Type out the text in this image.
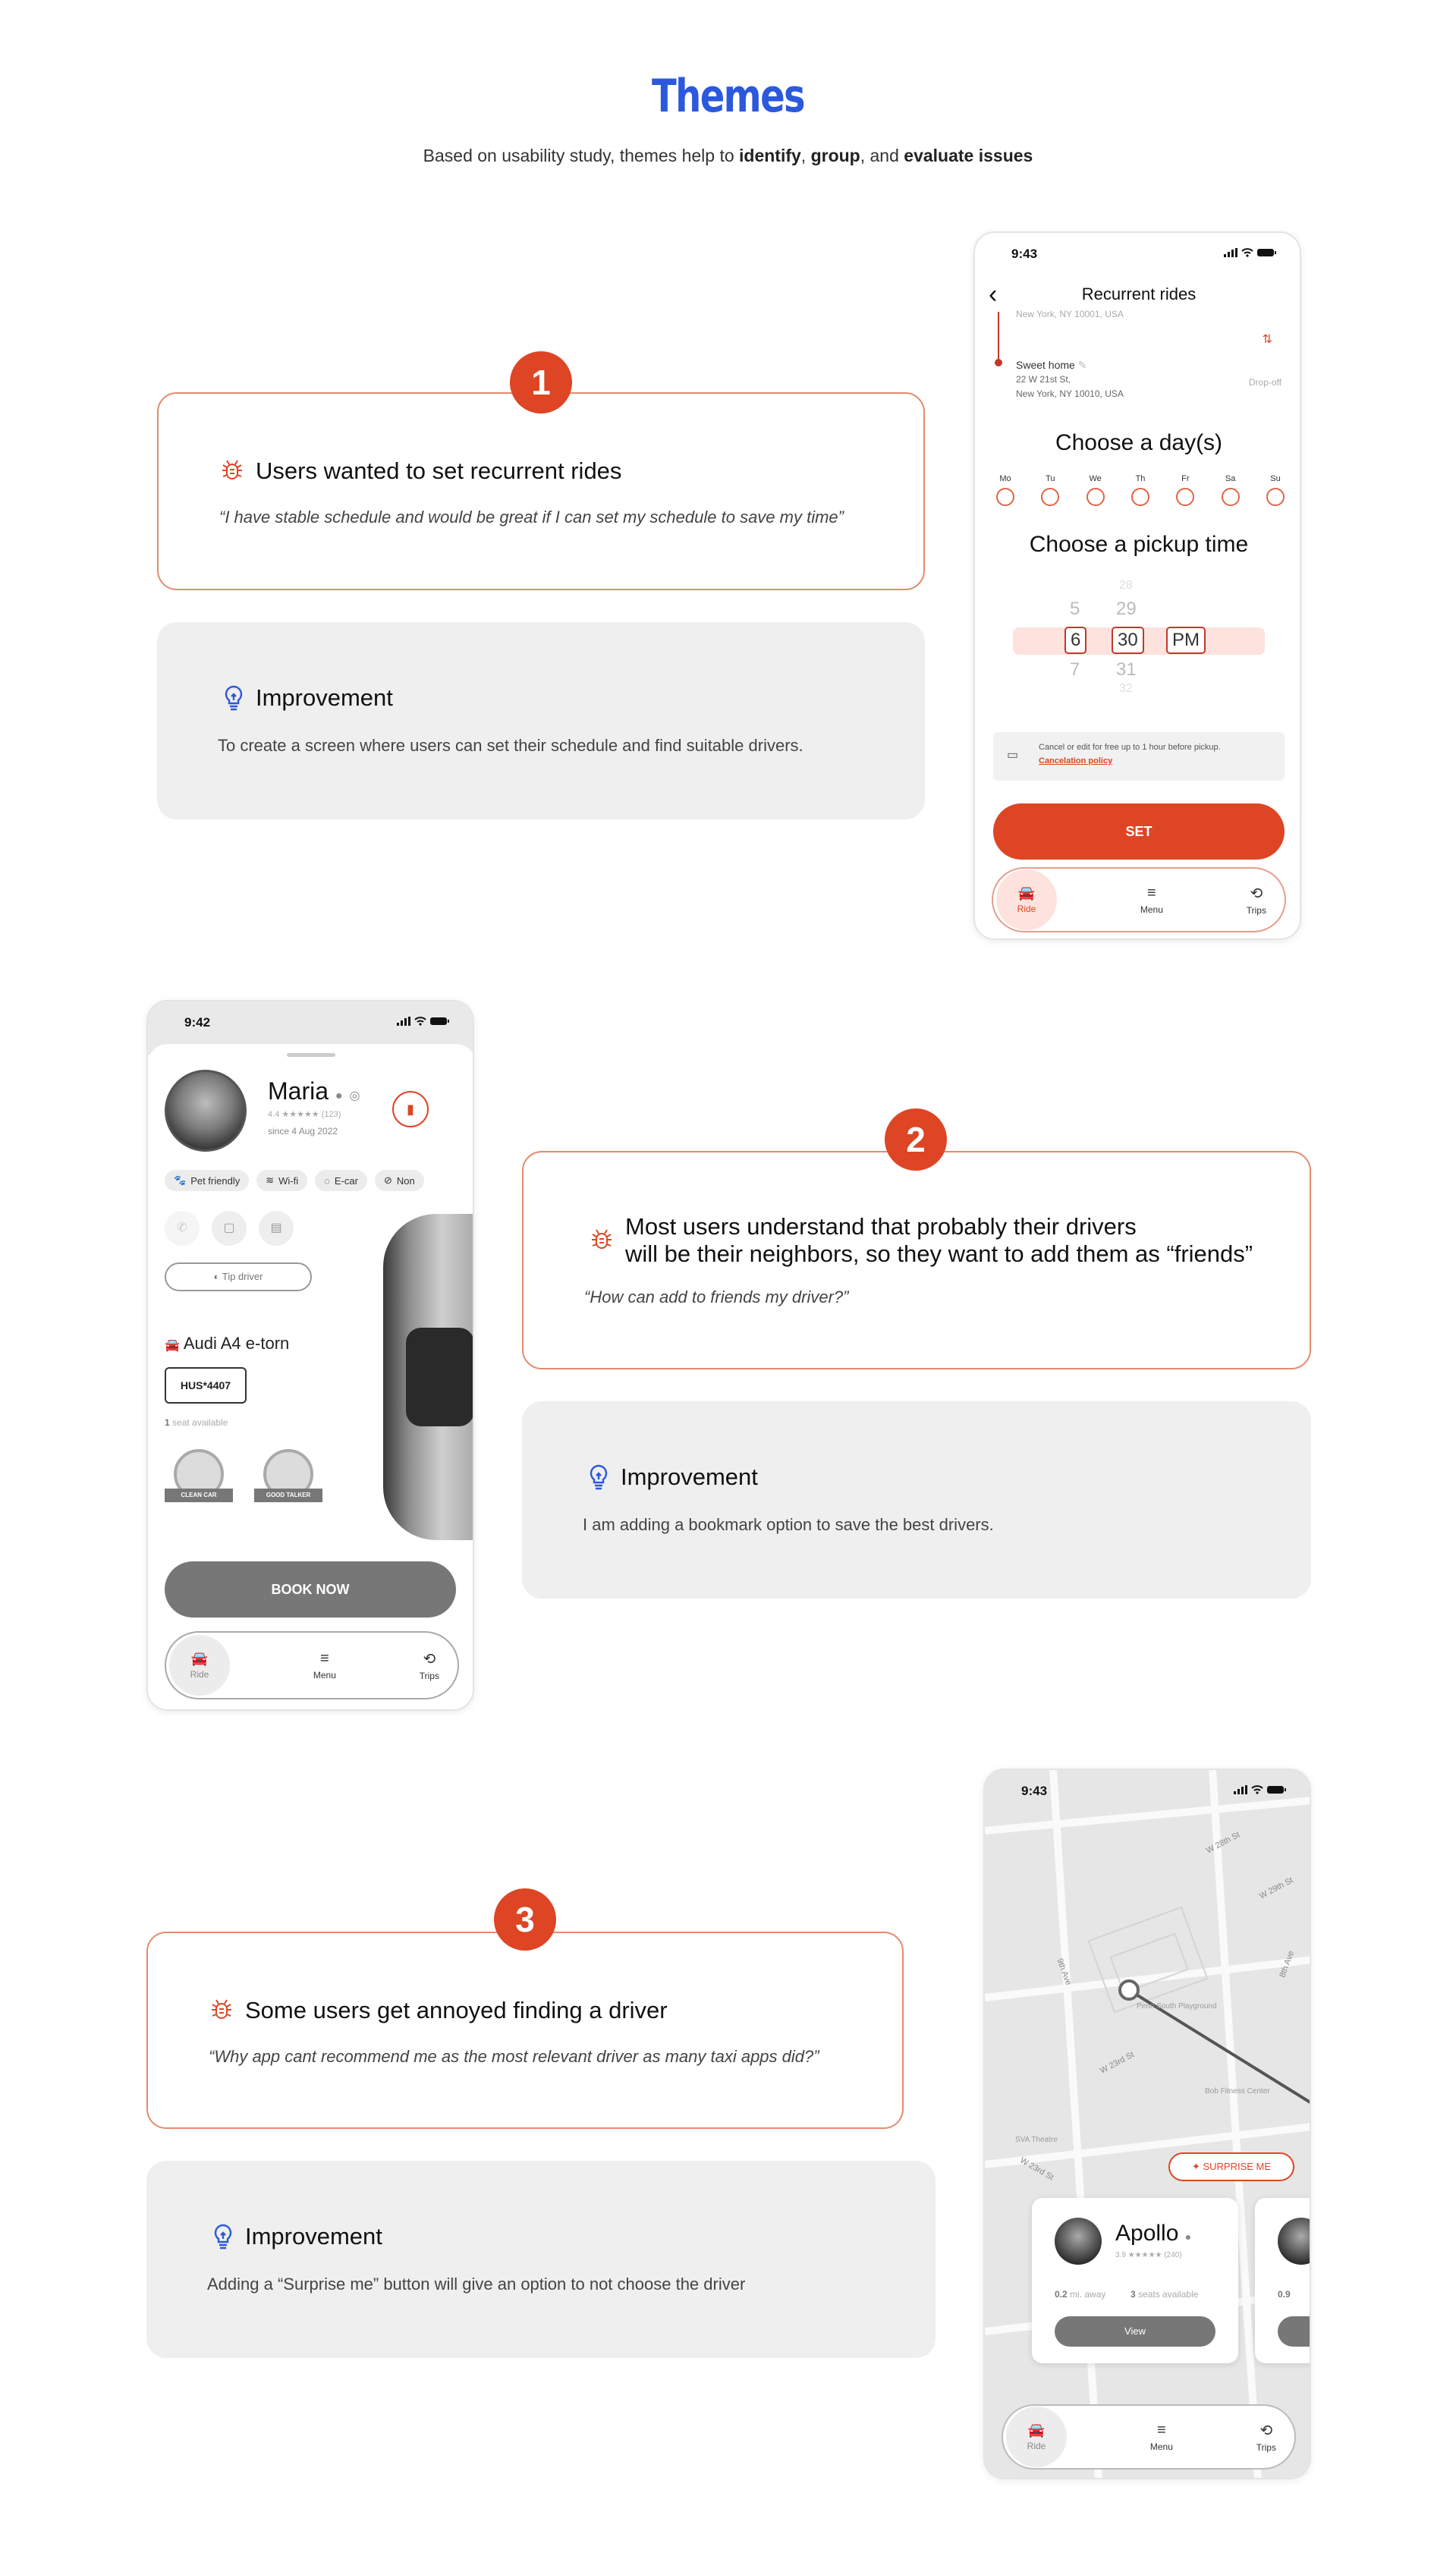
Themes
Based on usability study, themes help to identify, group, and evaluate issues
Users wanted to set recurrent rides
“I have stable schedule and would be great if I can set my schedule to save my time”
1
Improvement
To create a screen where users can set their schedule and find suitable drivers.
9:43
‹	Recurrent rides
New York, NY 10001, USA
⇅
Sweet home ✎
22 W 21st St,
New York, NY 10010, USA
Drop-off
Choose a day(s)
Mo	Tu	We	Th	Fr	Sa	Su
Choose a pickup time
5
6
7
28
29
30
31
32
PM
▭
Cancel or edit for free up to 1 hour before pickup.
Cancelation policy
SET
🚘
Ride
≡
Menu
⟲
Trips
9:42
Maria ● ◎
4.4 ★★★★★ (123)
since 4 Aug 2022
▮
🐾 Pet friendly	≋ Wi-fi	◌ E-car	⊘ Non
✆	▢	▤
◐ Tip driver
🚘 Audi A4 e-torn
HUS*4407
1 seat available
CLEAN CAR	GOOD TALKER
BOOK NOW
🚘
Ride
≡
Menu
⟲
Trips
Most users understand that probably their drivers
will be their neighbors, so they want to add them as “friends”
“How can add to friends my driver?”
2
Improvement
I am adding a bookmark option to save the best drivers.
Some users get annoyed finding a driver
“Why app cant recommend me as the most relevant driver as many taxi apps did?”
3
Improvement
Adding a “Surprise me” button will give an option to not choose the driver
W 29th St
9th Ave
W 23rd St
W 23rd St
8th Ave
W 28th St
Bob Fitness Center
SVA Theatre
Penn South Playground
9:43
✦ SURPRISE ME
Apollo ●
3.9 ★★★★★ (240)
0.2 mi. away	3 seats available
View
0.9
🚘
Ride
≡
Menu
⟲
Trips
